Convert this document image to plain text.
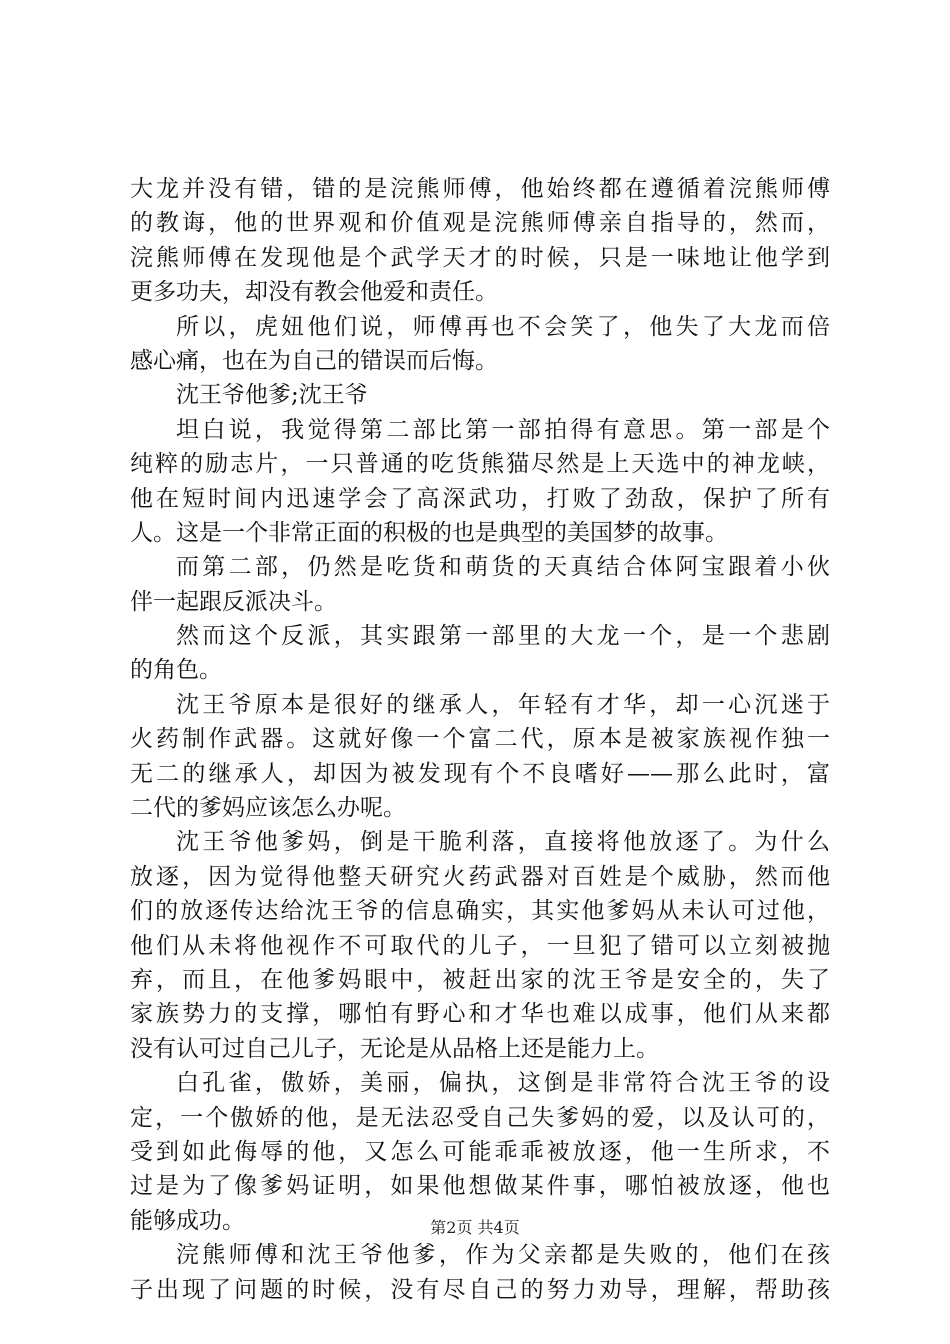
大龙并没有错，错的是浣熊师傅，他始终都在遵循着浣熊师傅
的教诲，他的世界观和价值观是浣熊师傅亲自指导的，然而，
浣熊师傅在发现他是个武学天才的时候，只是一味地让他学到
更多功夫，却没有教会他爱和责任。
所以，虎妞他们说，师傅再也不会笑了，他失了大龙而倍
感心痛，也在为自己的错误而后悔。
沈王爷他爹;沈王爷
坦白说，我觉得第二部比第一部拍得有意思。第一部是个
纯粹的励志片，一只普通的吃货熊猫尽然是上天选中的神龙峡，
他在短时间内迅速学会了高深武功，打败了劲敌，保护了所有
人。这是一个非常正面的积极的也是典型的美国梦的故事。
而第二部，仍然是吃货和萌货的天真结合体阿宝跟着小伙
伴一起跟反派决斗。
然而这个反派，其实跟第一部里的大龙一个，是一个悲剧
的角色。
沈王爷原本是很好的继承人，年轻有才华，却一心沉迷于
火药制作武器。这就好像一个富二代，原本是被家族视作独一
无二的继承人，却因为被发现有个不良嗜好——那么此时，富
二代的爹妈应该怎么办呢。
沈王爷他爹妈，倒是干脆利落，直接将他放逐了。为什么
放逐，因为觉得他整天研究火药武器对百姓是个威胁，然而他
们的放逐传达给沈王爷的信息确实，其实他爹妈从未认可过他，
他们从未将他视作不可取代的儿子，一旦犯了错可以立刻被抛
弃，而且，在他爹妈眼中，被赶出家的沈王爷是安全的，失了
家族势力的支撑，哪怕有野心和才华也难以成事，他们从来都
没有认可过自己儿子，无论是从品格上还是能力上。
白孔雀，傲娇，美丽，偏执，这倒是非常符合沈王爷的设
定，一个傲娇的他，是无法忍受自己失爹妈的爱，以及认可的，
受到如此侮辱的他，又怎么可能乖乖被放逐，他一生所求，不
过是为了像爹妈证明，如果他想做某件事，哪怕被放逐，他也
能够成功。
浣熊师傅和沈王爷他爹，作为父亲都是失败的，他们在孩
子出现了问题的时候，没有尽自己的努力劝导，理解，帮助孩
第2页 共4页
